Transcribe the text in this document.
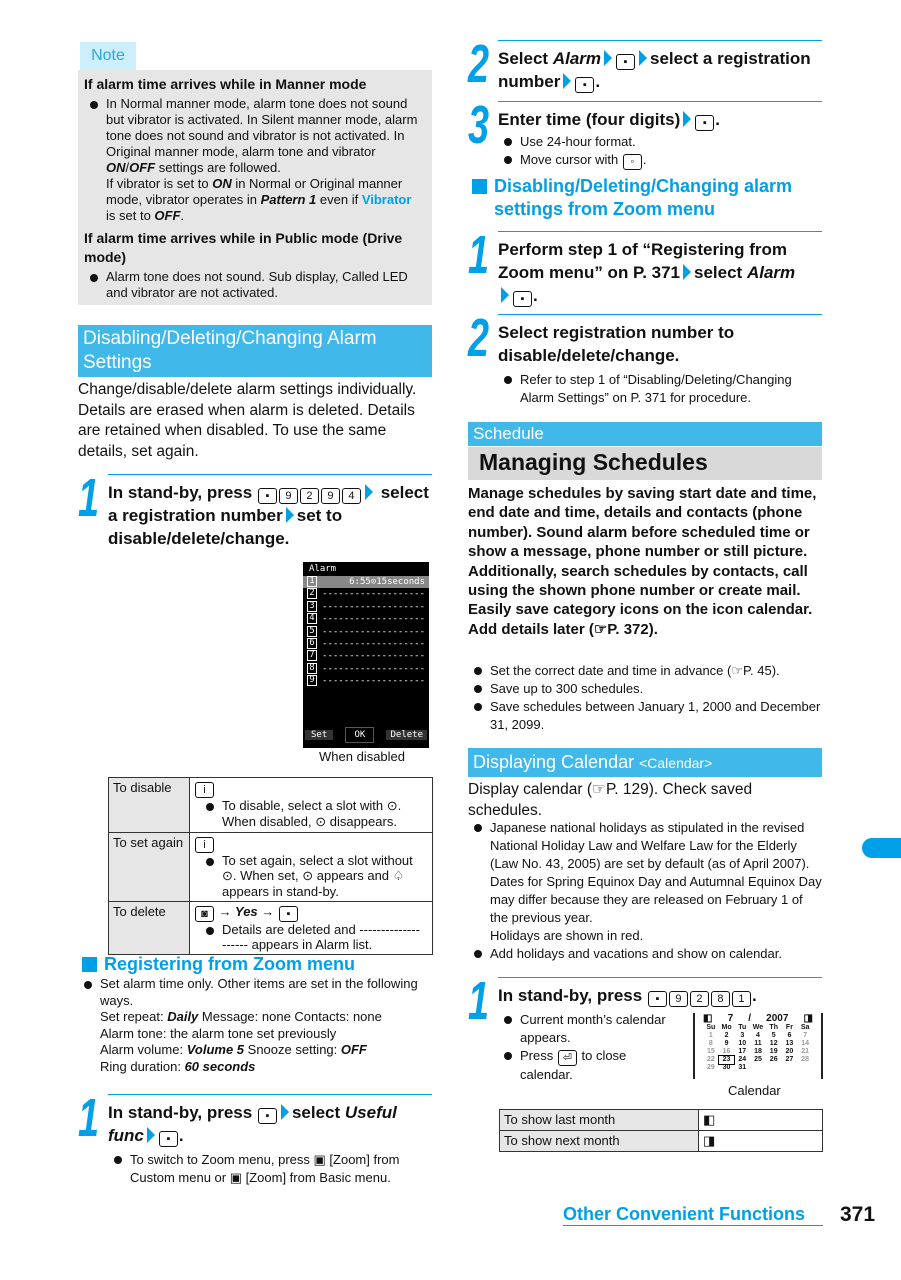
Note
If alarm time arrives while in Manner mode
In Normal manner mode, alarm tone does not sound but vibrator is activated. In Silent manner mode, alarm tone does not sound and vibrator is not activated. In Original manner mode, alarm tone and vibrator ON/OFF settings are followed.
If vibrator is set to ON in Normal or Original manner mode, vibrator operates in Pattern 1 even if Vibrator
is set to OFF.
If alarm time arrives while in Public mode (Drive mode)
Alarm tone does not sound. Sub display, Called LED and vibrator are not activated.
Disabling/Deleting/Changing Alarm Settings
Change/disable/delete alarm settings individually. Details are erased when alarm is deleted. Details are retained when disabled. To use the same details, set again.
1 In stand-by, press ▪ 9 2 9 4 select a registration number set to disable/delete/change.
Alarm
1	6:55⊙15seconds
2 -------------------
3 -------------------
4 -------------------
5 -------------------
6 -------------------
7 -------------------
8 -------------------
9 -------------------
Set	OK	Delete
When disabled
To disable	i
To disable, select a slot with ⊙. When disabled, ⊙ disappears.

To set again	i
To set again, select a slot without ⊙. When set, ⊙ appears and ♤ appears in stand-by.

To delete	◙ → Yes → ▪
Details are deleted and -------------------- appears in Alarm list.
Registering from Zoom menu
Set alarm time only. Other items are set in the following ways.
Set repeat: Daily Message: none Contacts: none
Alarm tone: the alarm tone set previously
Alarm volume: Volume 5 Snooze setting: OFF
Ring duration: 60 seconds
1 In stand-by, press ▪ select Useful func ▪ .
To switch to Zoom menu, press ▣ [Zoom] from Custom menu or ▣ [Zoom] from Basic menu.
2 Select Alarm ▪ select a registration number ▪ .
3 Enter time (four digits) ▪ .
Use 24-hour format.
Move cursor with ◦ .
Disabling/Deleting/Changing alarm settings from Zoom menu
1 Perform step 1 of “Registering from Zoom menu” on P. 371 select Alarm
▪ .
2 Select registration number to disable/delete/change.
Refer to step 1 of “Disabling/Deleting/Changing Alarm Settings” on P. 371 for procedure.
Schedule
Managing Schedules
Manage schedules by saving start date and time, end date and time, details and contacts (phone number). Sound alarm before scheduled time or show a message, phone number or still picture. Additionally, search schedules by contacts, call using the shown phone number or create mail. Easily save category icons on the icon calendar. Add details later (☞P. 372).
Set the correct date and time in advance (☞P. 45).
Save up to 300 schedules.
Save schedules between January 1, 2000 and December 31, 2099.
Displaying Calendar <Calendar>
Display calendar (☞P. 129). Check saved schedules.
Japanese national holidays as stipulated in the revised National Holiday Law and Welfare Law for the Elderly (Law No. 43, 2005) are set by default (as of April 2007). Dates for Spring Equinox Day and Autumnal Equinox Day may differ because they are released on February 1 of the previous year.
Holidays are shown in red.
Add holidays and vacations and show on calendar.
1 In stand-by, press ▪ 9 2 8 1 .
Current month’s calendar appears.
Press ⏎ to close calendar.
◧ 7 / 2007 ◨
Su Mo Tu We Th	Fr	Sa
1	2	3	4	5	6	7
8	9	10	11	12	13	14
15	16	17	18	19	20	21
22	23	24	25	26	27	28
29	30	31
Calendar
To show last month	◧
To show next month	◨
Other Convenient Functions	371
